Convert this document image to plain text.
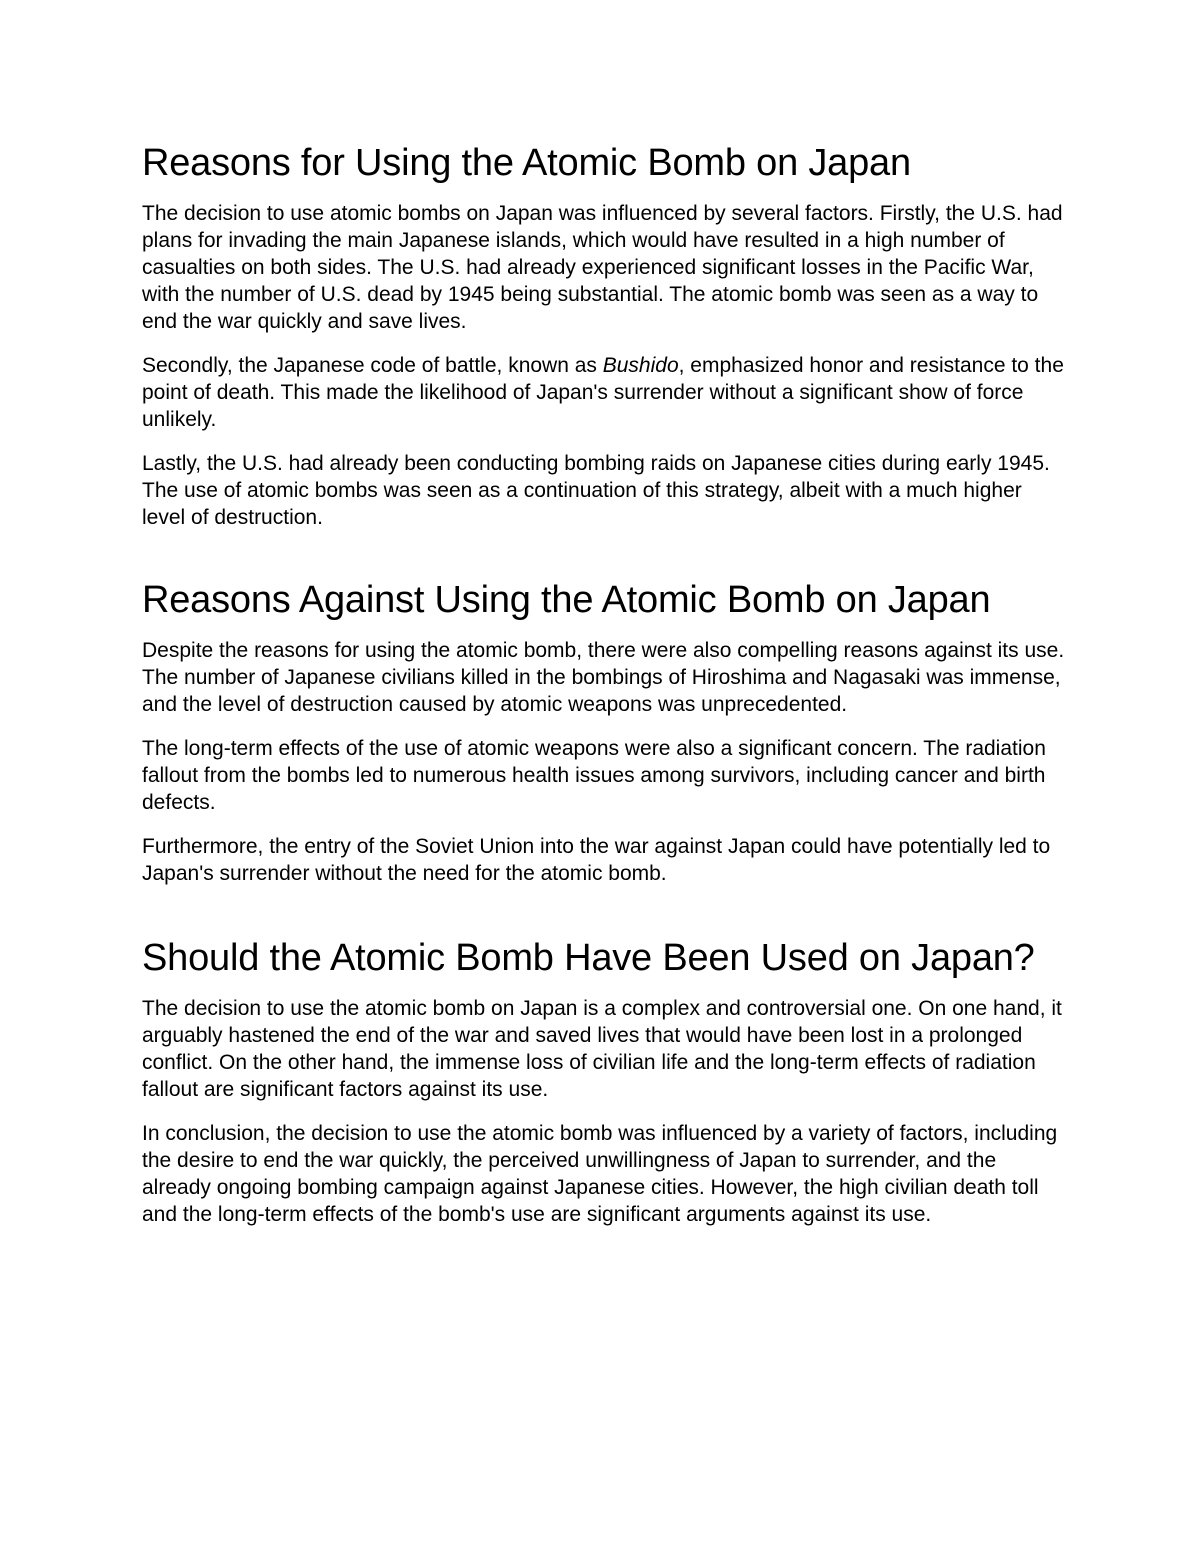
Reasons for Using the Atomic Bomb on Japan

The decision to use atomic bombs on Japan was influenced by several factors. Firstly, the U.S. had plans for invading the main Japanese islands, which would have resulted in a high number of casualties on both sides. The U.S. had already experienced significant losses in the Pacific War, with the number of U.S. dead by 1945 being substantial. The atomic bomb was seen as a way to end the war quickly and save lives.

Secondly, the Japanese code of battle, known as Bushido, emphasized honor and resistance to the point of death. This made the likelihood of Japan's surrender without a significant show of force unlikely.

Lastly, the U.S. had already been conducting bombing raids on Japanese cities during early 1945. The use of atomic bombs was seen as a continuation of this strategy, albeit with a much higher level of destruction.

Reasons Against Using the Atomic Bomb on Japan

Despite the reasons for using the atomic bomb, there were also compelling reasons against its use. The number of Japanese civilians killed in the bombings of Hiroshima and Nagasaki was immense, and the level of destruction caused by atomic weapons was unprecedented.

The long-term effects of the use of atomic weapons were also a significant concern. The radiation fallout from the bombs led to numerous health issues among survivors, including cancer and birth defects.

Furthermore, the entry of the Soviet Union into the war against Japan could have potentially led to Japan's surrender without the need for the atomic bomb.

Should the Atomic Bomb Have Been Used on Japan?

The decision to use the atomic bomb on Japan is a complex and controversial one. On one hand, it arguably hastened the end of the war and saved lives that would have been lost in a prolonged conflict. On the other hand, the immense loss of civilian life and the long-term effects of radiation fallout are significant factors against its use.

In conclusion, the decision to use the atomic bomb was influenced by a variety of factors, including the desire to end the war quickly, the perceived unwillingness of Japan to surrender, and the already ongoing bombing campaign against Japanese cities. However, the high civilian death toll and the long-term effects of the bomb's use are significant arguments against its use.
